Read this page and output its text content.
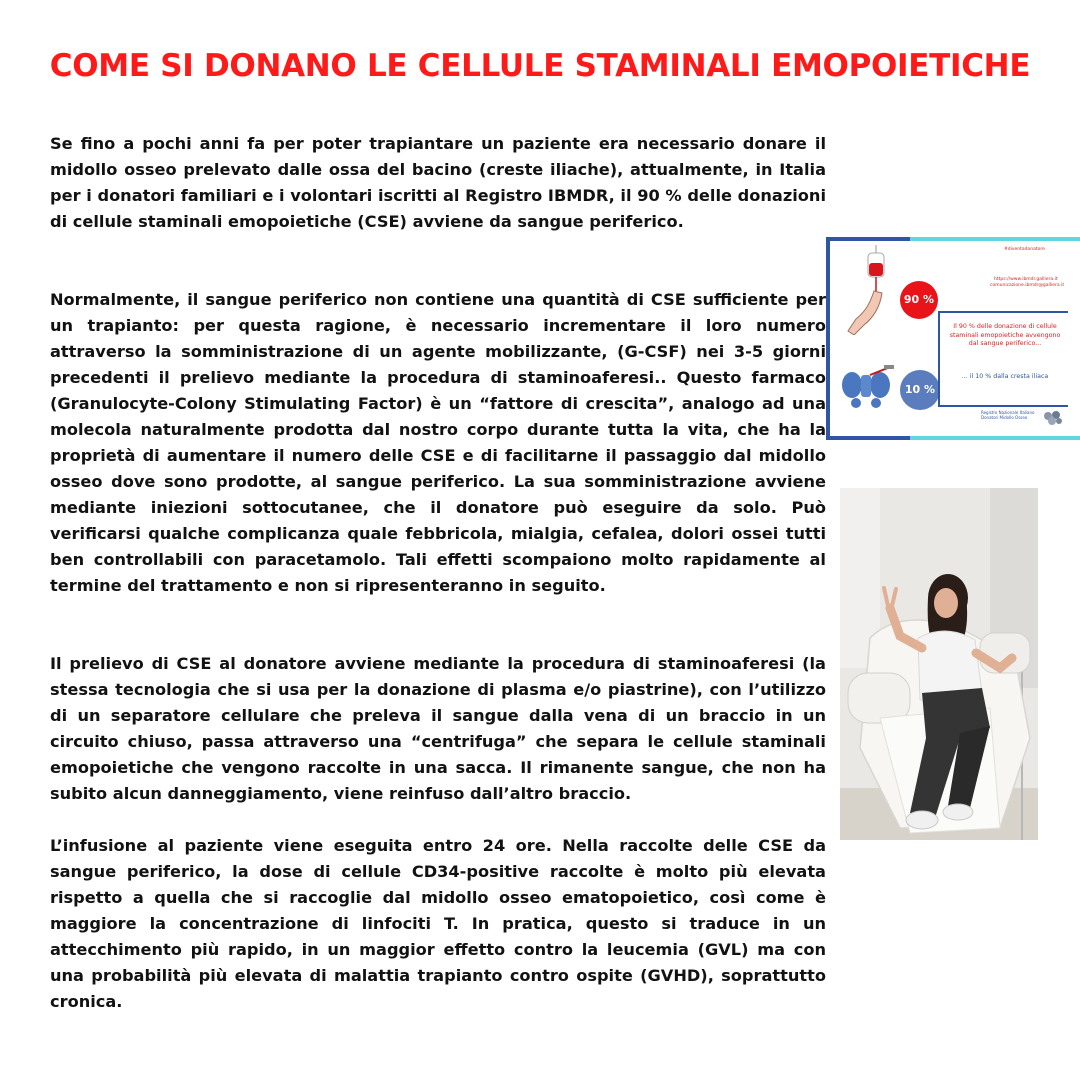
COME SI DONANO LE CELLULE STAMINALI EMOPOIETICHE

Se fino a pochi anni fa per poter trapiantare un paziente era necessario donare il midollo osseo prelevato dalle ossa del bacino (creste iliache), attualmente, in Italia per i donatori familiari e i volontari iscritti al Registro IBMDR, il 90 % delle donazioni di cellule staminali emopoietiche (CSE) avviene da sangue periferico.

Normalmente, il sangue periferico non contiene una quantità di CSE sufficiente per un trapianto: per questa ragione, è necessario incrementare il loro numero attraverso la somministrazione di un agente mobilizzante, (G-CSF) nei 3-5 giorni precedenti il prelievo mediante la procedura di staminoaferesi.. Questo farmaco (Granulocyte-Colony Stimulating Factor) è un “fattore di crescita”, analogo ad una molecola naturalmente prodotta dal nostro corpo durante tutta la vita, che ha la proprietà di aumentare il numero delle CSE e di facilitarne il passaggio dal midollo osseo dove sono prodotte, al sangue periferico. La sua somministrazione avviene mediante iniezioni sottocutanee, che il donatore può eseguire da solo. Può verificarsi qualche complicanza quale febbricola, mialgia, cefalea, dolori ossei tutti ben controllabili con paracetamolo. Tali effetti scompaiono molto rapidamente al termine del trattamento e non si ripresenteranno in seguito.

Il prelievo di CSE al donatore avviene mediante la procedura di staminoaferesi (la stessa tecnologia che si usa per la donazione di plasma e/o piastrine), con l’utilizzo di un separatore cellulare che preleva il sangue dalla vena di un braccio in un circuito chiuso, passa attraverso una “centrifuga” che separa le cellule staminali emopoietiche che vengono raccolte in una sacca. Il rimanente sangue, che non ha subito alcun danneggiamento, viene reinfuso dall’altro braccio.

L’infusione al paziente viene eseguita entro 24 ore. Nella raccolte delle CSE da sangue periferico, la dose di cellule CD34-positive raccolte è molto più elevata rispetto a quella che si raccoglie dal midollo osseo ematopoietico, così come è maggiore la concentrazione di linfociti T. In pratica, questo si traduce in un attecchimento più rapido, in un maggior effetto contro la leucemia (GVL) ma con una probabilità più elevata di malattia trapianto contro ospite (GVHD), soprattutto cronica.

#diventadonatore
https://www.ibmdr.galliera.it
comunicazione.ibmdr@galliera.it
90 %
10 %
Il 90 % delle donazione di cellule staminali emopoietiche avvengono dal sangue periferico...
... il 10 % dalla cresta iliaca
Registro Nazionale Italiano Donatori Midollo Osseo
